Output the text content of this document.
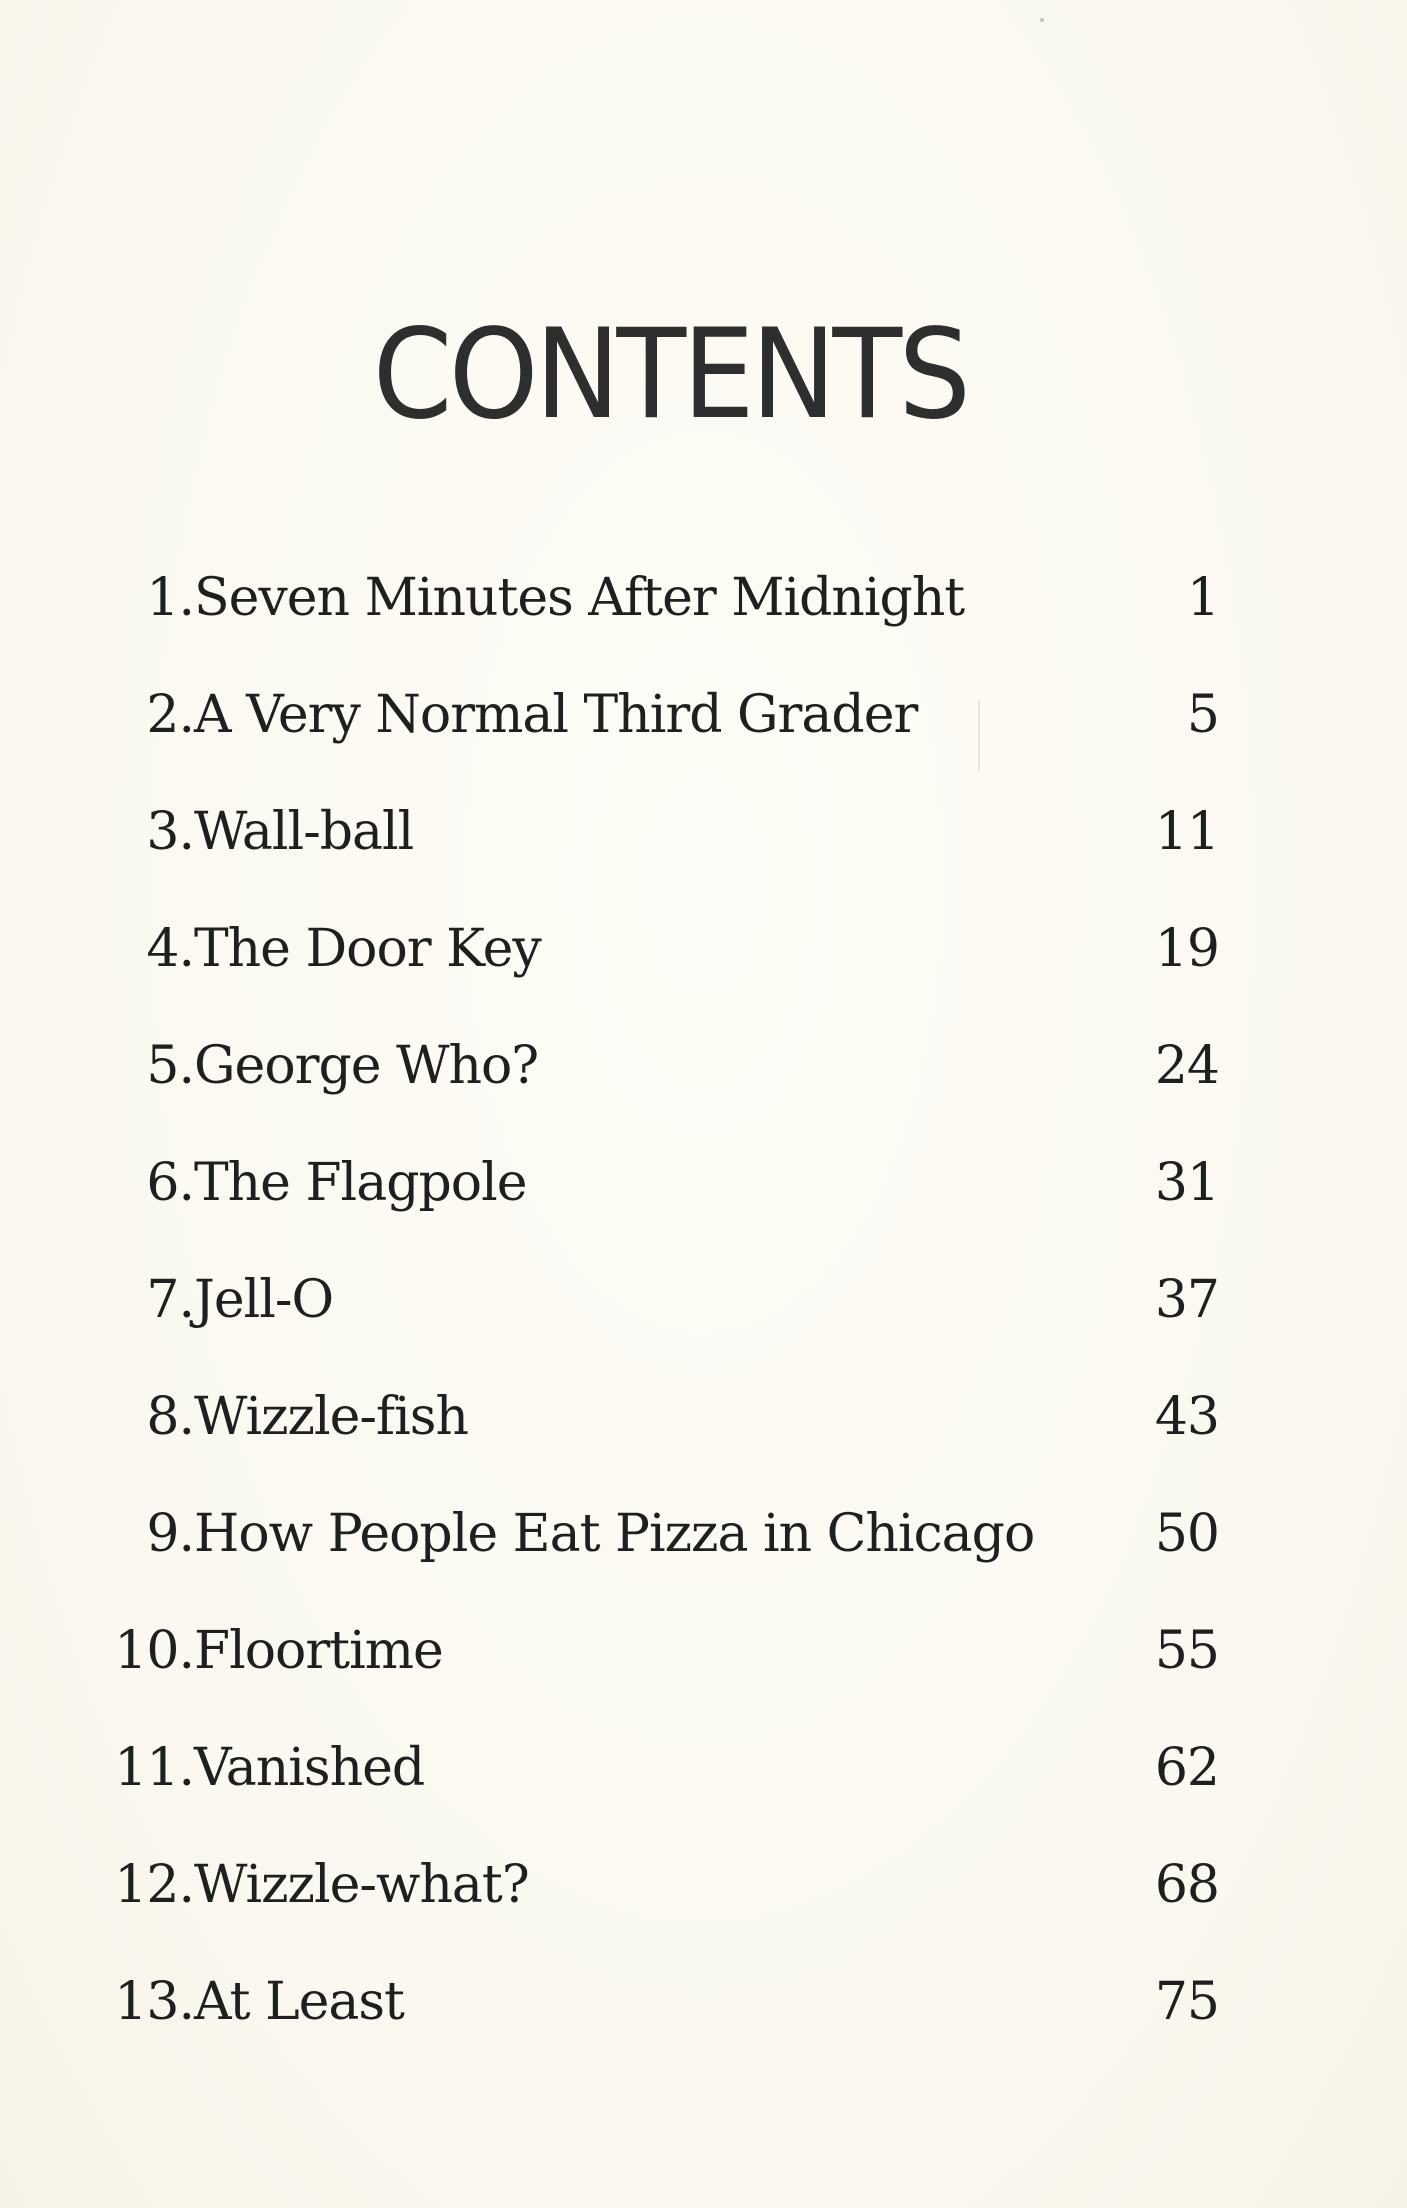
CONTENTS
1. Seven Minutes After Midnight	1
2. A Very Normal Third Grader	5
3. Wall-ball	11
4. The Door Key	19
5. George Who?	24
6. The Flagpole	31
7. Jell-O	37
8. Wizzle-fish	43
9. How People Eat Pizza in Chicago 50
10. Floortime	55
11. Vanished	62
12. Wizzle-what?	68
13. At Least	75
